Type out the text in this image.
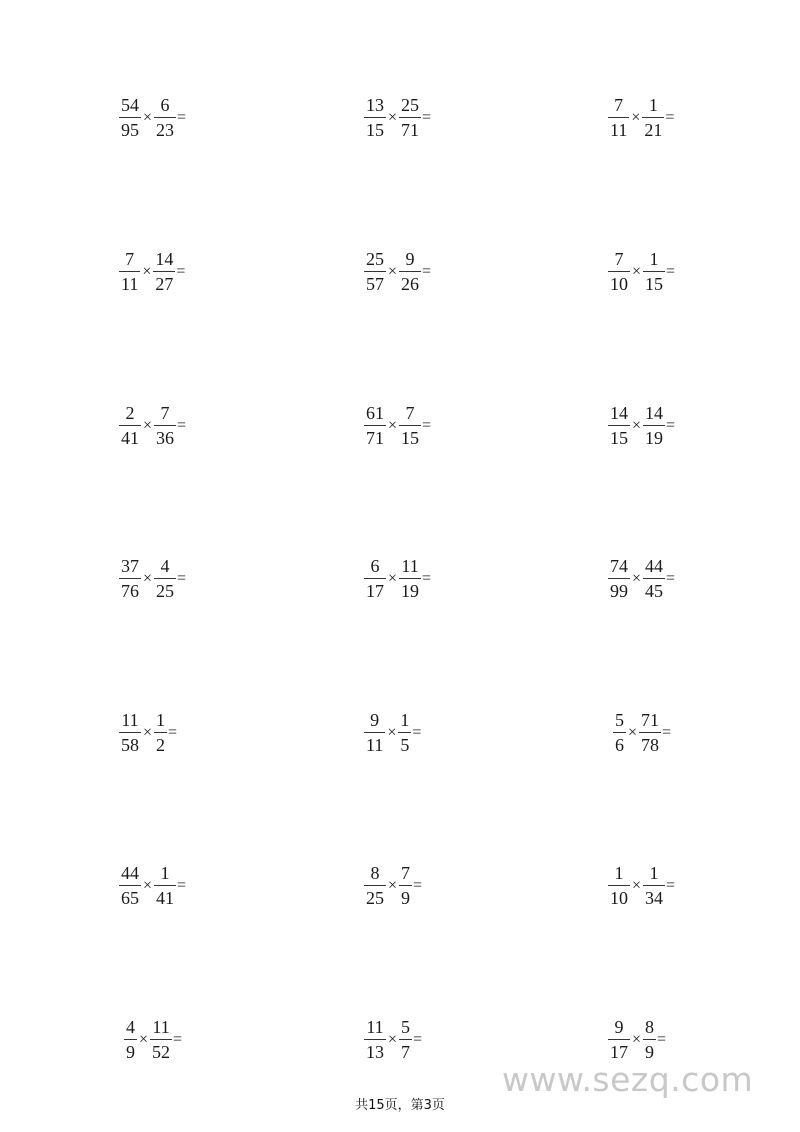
$\frac{54}{95} \times \frac{6}{23}$ =	$\frac{13}{15} \times \frac{25}{71}$ =	$\frac{7}{11} \times \frac{1}{21}$ =
$\frac{7}{11} \times \frac{14}{27}$ =	$\frac{25}{57} \times \frac{9}{26}$ =	$\frac{7}{10} \times \frac{1}{15}$ =
$\frac{2}{41} \times \frac{7}{36}$ =	$\frac{61}{71} \times \frac{7}{15}$ =	$\frac{14}{15} \times \frac{14}{19}$ =
$\frac{37}{76} \times \frac{4}{25}$ =	$\frac{6}{17} \times \frac{11}{19}$ =	$\frac{74}{99} \times \frac{44}{45}$ =
$\frac{11}{58} \times \frac{1}{2}$ =	$\frac{9}{11} \times \frac{1}{5}$ =	$\frac{5}{6} \times \frac{71}{78}$ =
$\frac{44}{65} \times \frac{1}{41}$ =	$\frac{8}{25} \times \frac{7}{9}$ =	$\frac{1}{10} \times \frac{1}{34}$ =
$\frac{4}{9} \times \frac{11}{52}$ =	$\frac{11}{13} \times \frac{5}{7}$ =	$\frac{9}{17} \times \frac{8}{9}$ =
共15页，第3页
www.sezq.com
